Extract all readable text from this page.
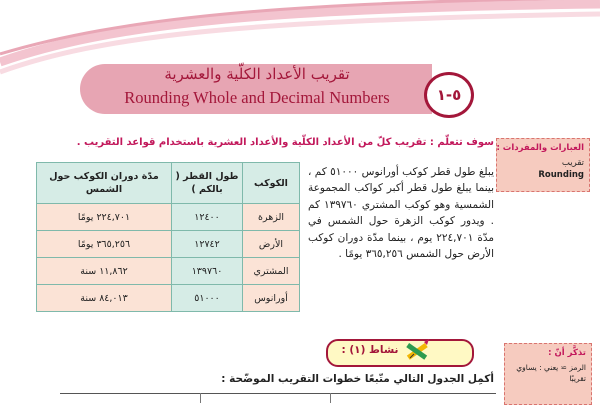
تقريب الأعداد الكلّية والعشرية
Rounding Whole and Decimal Numbers	٥-١
سوف تتعلّم : تقريب كلّ من الأعداد الكلّية والأعداد العشرية باستخدام قواعد التقريب . العبارات والمفردات :
تقريب
Rounding
الكوكب	طول القطر ( بالكم )	مدّة دوران الكوكب حول الشمس
الزهرة	١٢٤٠٠	٢٢٤,٧٠١ يومًا
الأرض	١٢٧٤٢	٣٦٥,٢٥٦ يومًا
المشتري	١٣٩٧٦٠	١١,٨٦٢ سنة
أورانوس	٥١٠٠٠	٨٤,٠١٣ سنة
يبلغ طول قطر كوكب أورانوس ٥١٠٠٠ كم ، بينما يبلغ طول قطر أكبر كواكب المجموعة الشمسية وهو كوكب المشتري ١٣٩٧٦٠ كم . ويدور كوكب الزهرة حول الشمس في مدّة ٢٢٤,٧٠١ يوم ، بينما مدّة دوران كوكب الأرض حول الشمس ٣٦٥,٢٥٦ يومًا .
نشاط (١) :
أكمِل الجدول التالي متّبعًا خطوات التقريب الموضّحة :
تذكَّر أنّ :
الرمز ≃ يعني : يساوي تقريبًا
